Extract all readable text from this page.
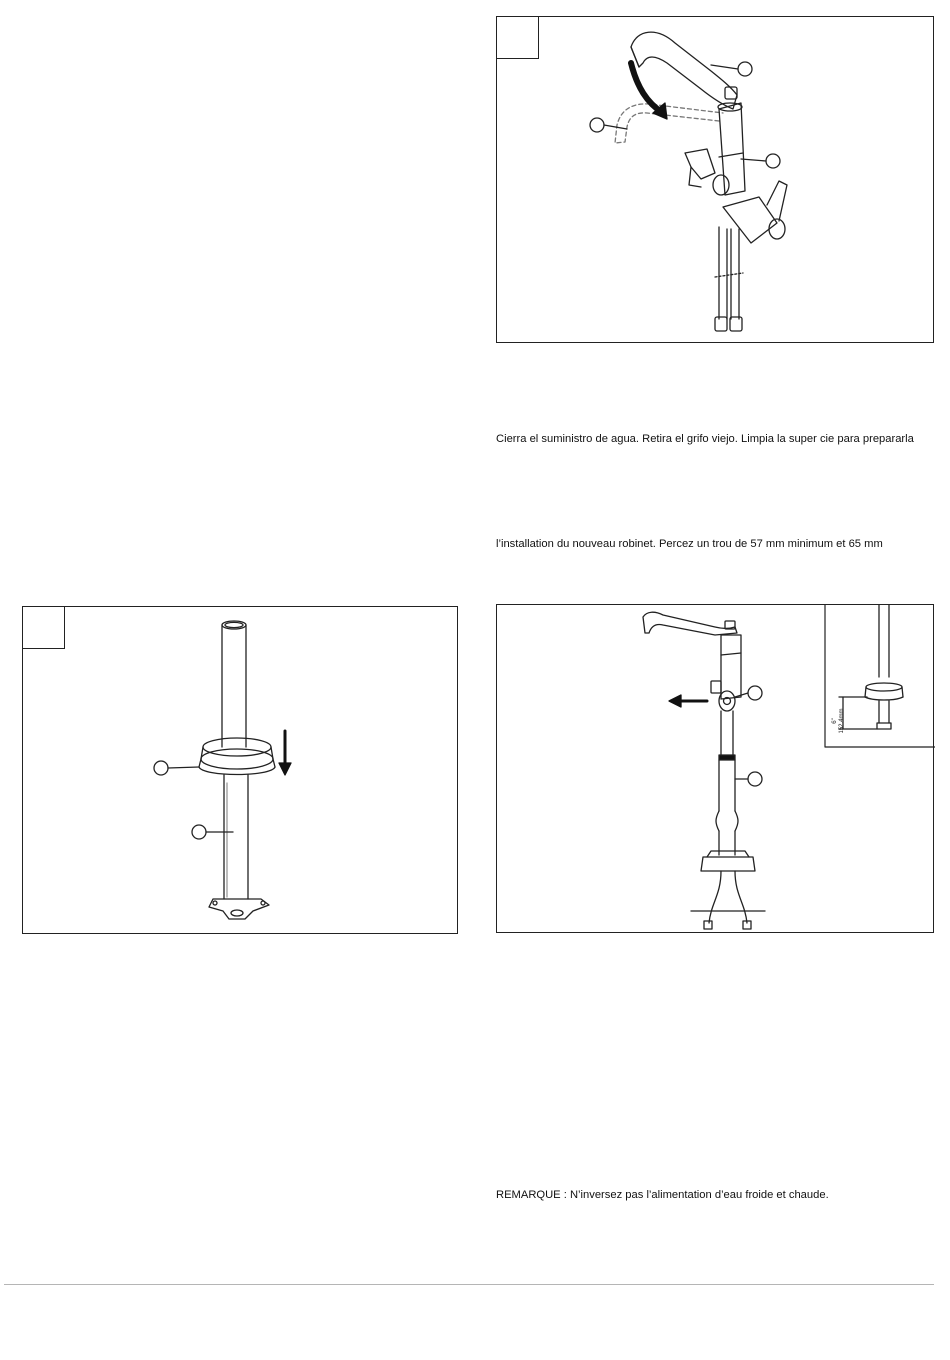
Cierra el suministro de agua. Retira el grifo viejo. Limpia la super cie para prepararla
l’installation du nouveau robinet. Percez un trou de 57 mm minimum et 65 mm
6" 152.4mm
REMARQUE : N’inversez pas l’alimentation d’eau froide et chaude.
